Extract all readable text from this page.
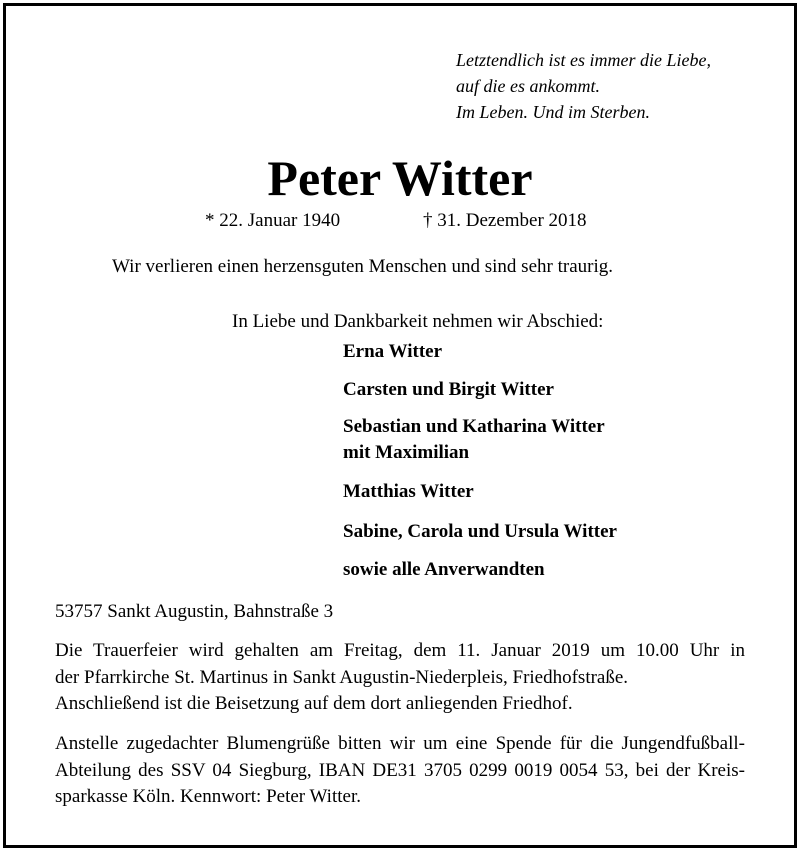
Letztendlich ist es immer die Liebe,
auf die es ankommt.
Im Leben. Und im Sterben.
Peter Witter
* 22. Januar 1940	† 31. Dezember 2018
Wir verlieren einen herzensguten Menschen und sind sehr traurig.
In Liebe und Dankbarkeit nehmen wir Abschied:
Erna Witter
Carsten und Birgit Witter
Sebastian und Katharina Witter
mit Maximilian
Matthias Witter
Sabine, Carola und Ursula Witter
sowie alle Anverwandten
53757 Sankt Augustin, Bahnstraße 3
Die Trauerfeier wird gehalten am Freitag, dem 11. Januar 2019 um 10.00 Uhr in
der Pfarrkirche St. Martinus in Sankt Augustin-Niederpleis, Friedhofstraße.
Anschließend ist die Beisetzung auf dem dort anliegenden Friedhof.
Anstelle zugedachter Blumengrüße bitten wir um eine Spende für die Jungendfußball-
Abteilung des SSV 04 Siegburg, IBAN DE31 3705 0299 0019 0054 53, bei der Kreis-
sparkasse Köln. Kennwort: Peter Witter.
